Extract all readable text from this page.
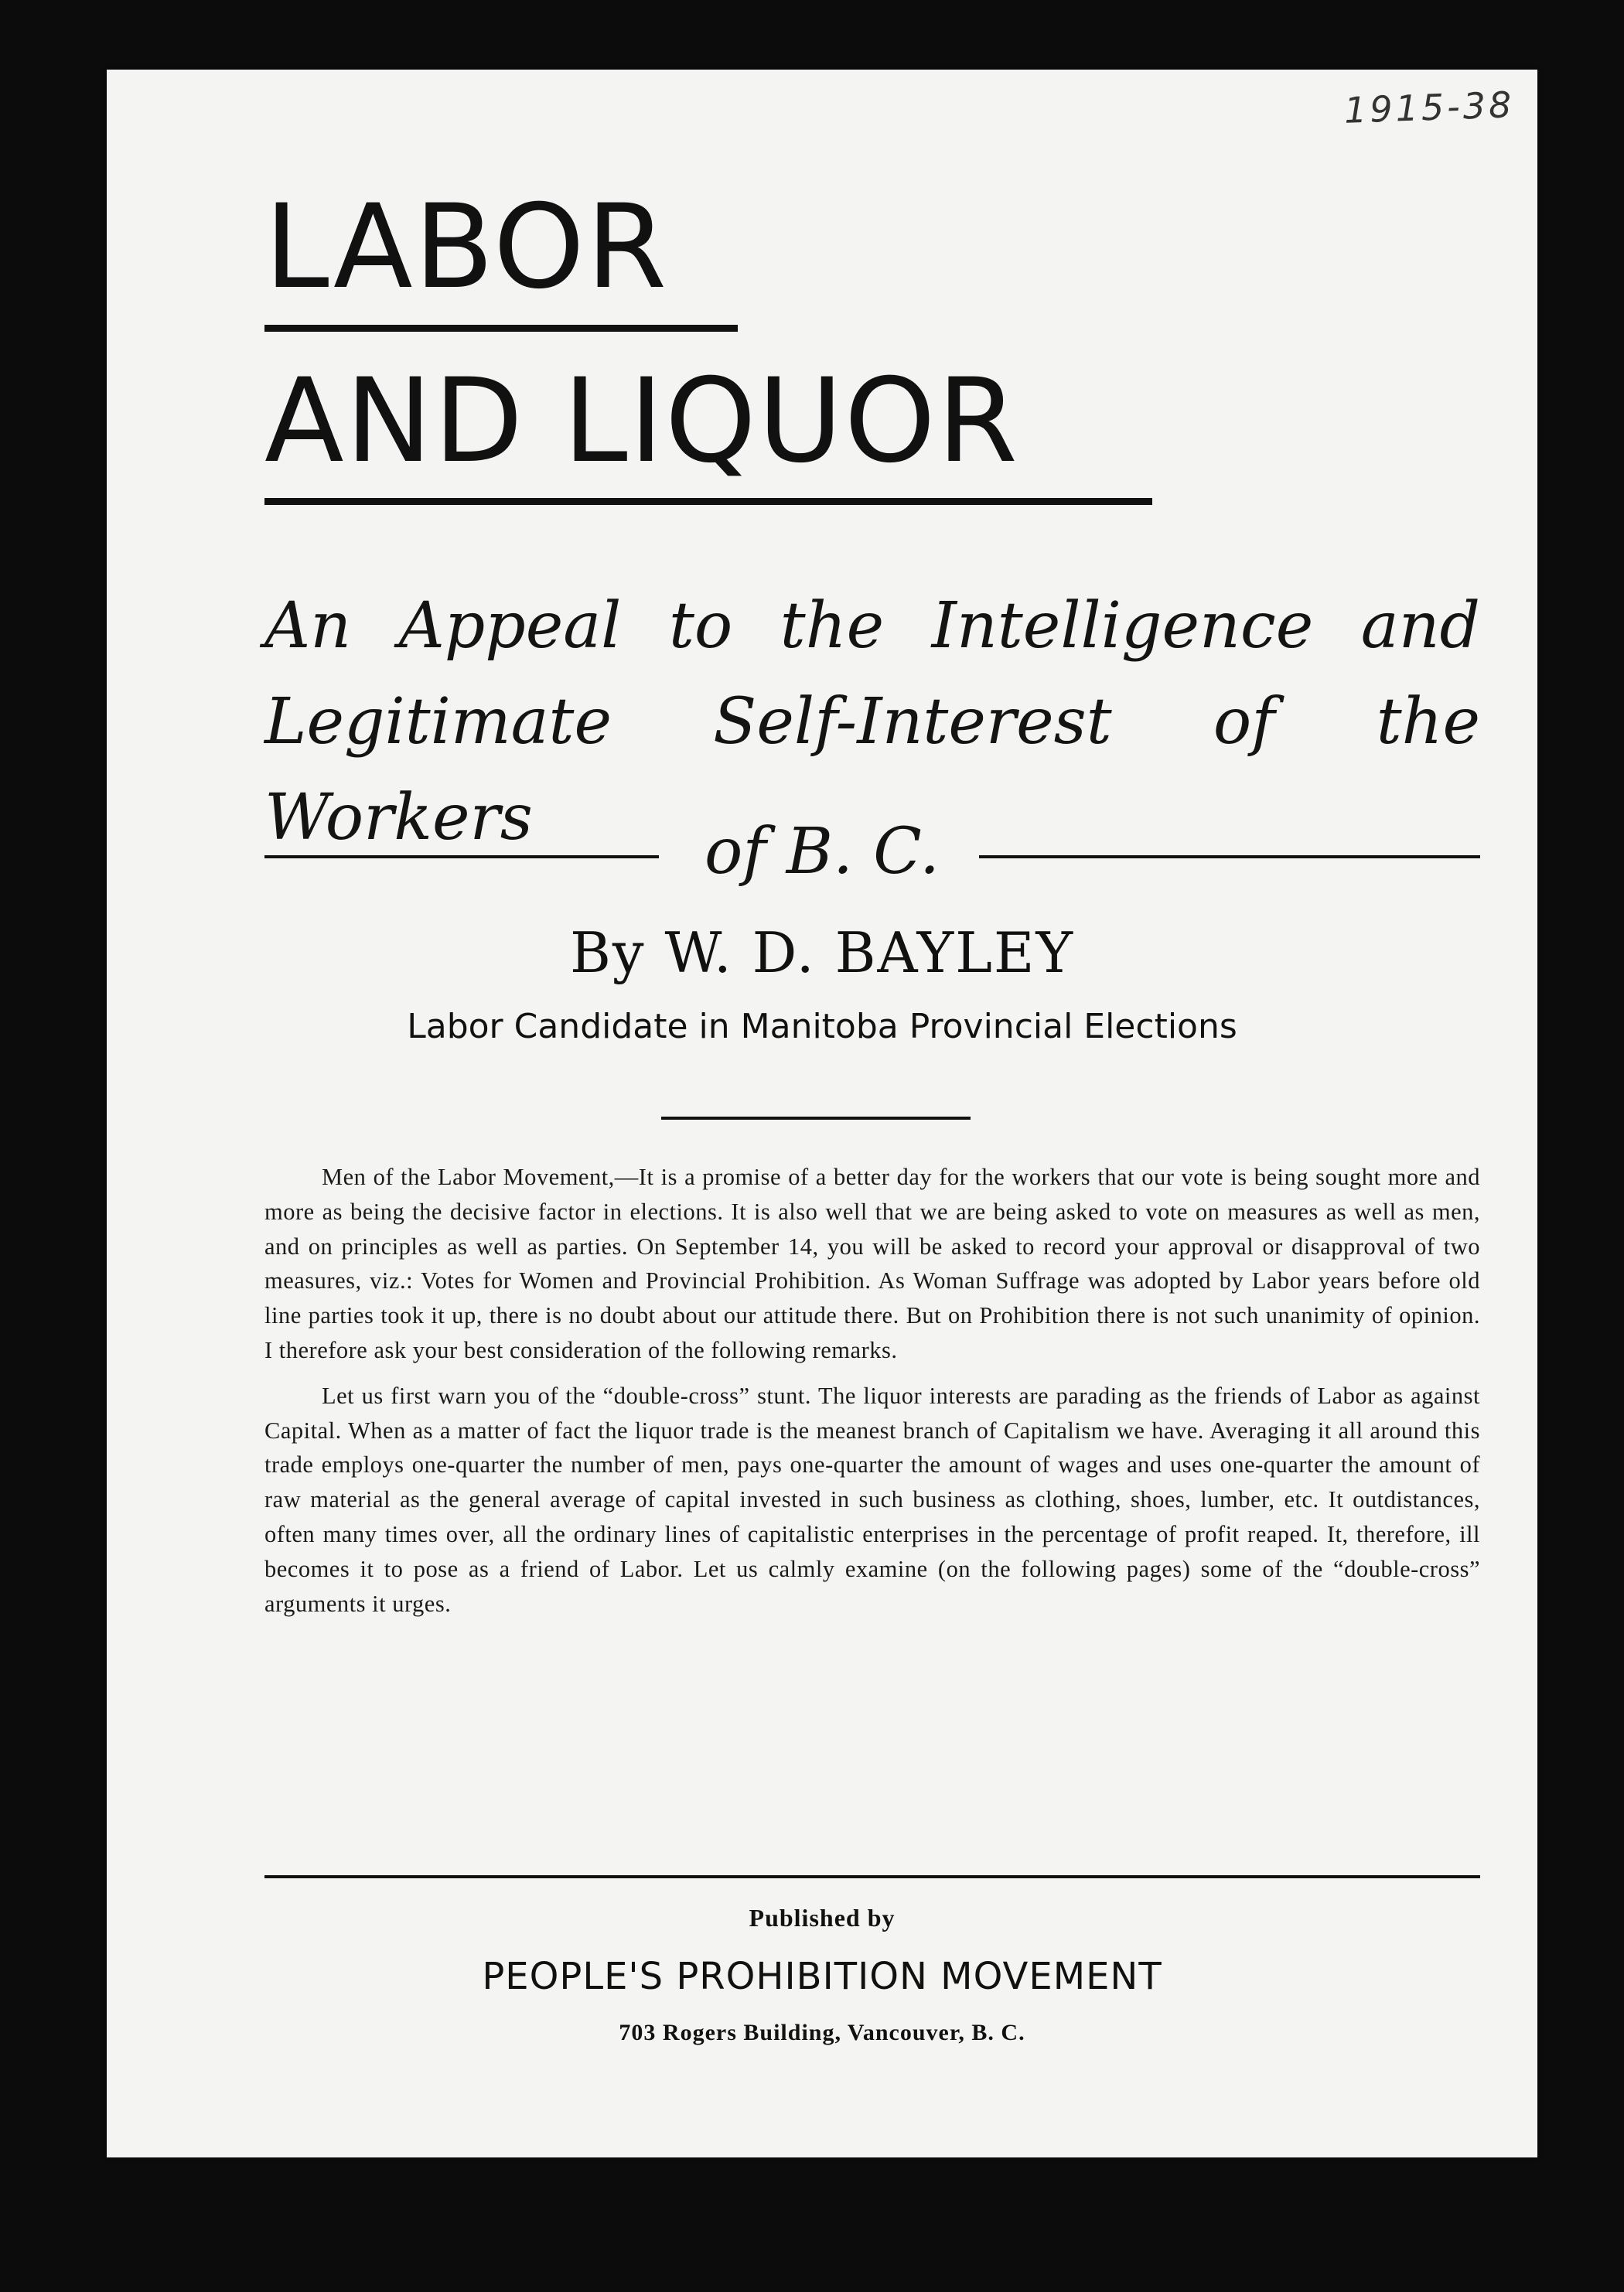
1915-38
LABOR
AND LIQUOR
An Appeal to the Intelligence and
Legitimate Self-Interest of the Workers	of B. C.
By W. D. BAYLEY
Labor Candidate in Manitoba Provincial Elections

Men of the Labor Movement,—It is a promise of a better day for the workers that our vote is being sought more and more as being the decisive factor in elections. It is also well that we are being asked to vote on measures as well as men, and on principles as well as parties. On September 14, you will be asked to record your approval or disapproval of two measures, viz.: Votes for Women and Provincial Prohibition. As Woman Suffrage was adopted by Labor years before old line parties took it up, there is no doubt about our attitude there. But on Prohibition there is not such unanimity of opinion. I therefore ask your best consideration of the following remarks.

Let us first warn you of the “double-cross” stunt. The liquor interests are parading as the friends of Labor as against Capital. When as a matter of fact the liquor trade is the meanest branch of Capitalism we have. Averaging it all around this trade employs one-quarter the number of men, pays one-quarter the amount of wages and uses one-quarter the amount of raw material as the general average of capital invested in such business as clothing, shoes, lumber, etc. It outdistances, often many times over, all the ordinary lines of capitalistic enterprises in the percentage of profit reaped. It, therefore, ill becomes it to pose as a friend of Labor. Let us calmly examine (on the following pages) some of the “double-cross” arguments it urges.

Published by
PEOPLE'S PROHIBITION MOVEMENT
703 Rogers Building, Vancouver, B. C.
